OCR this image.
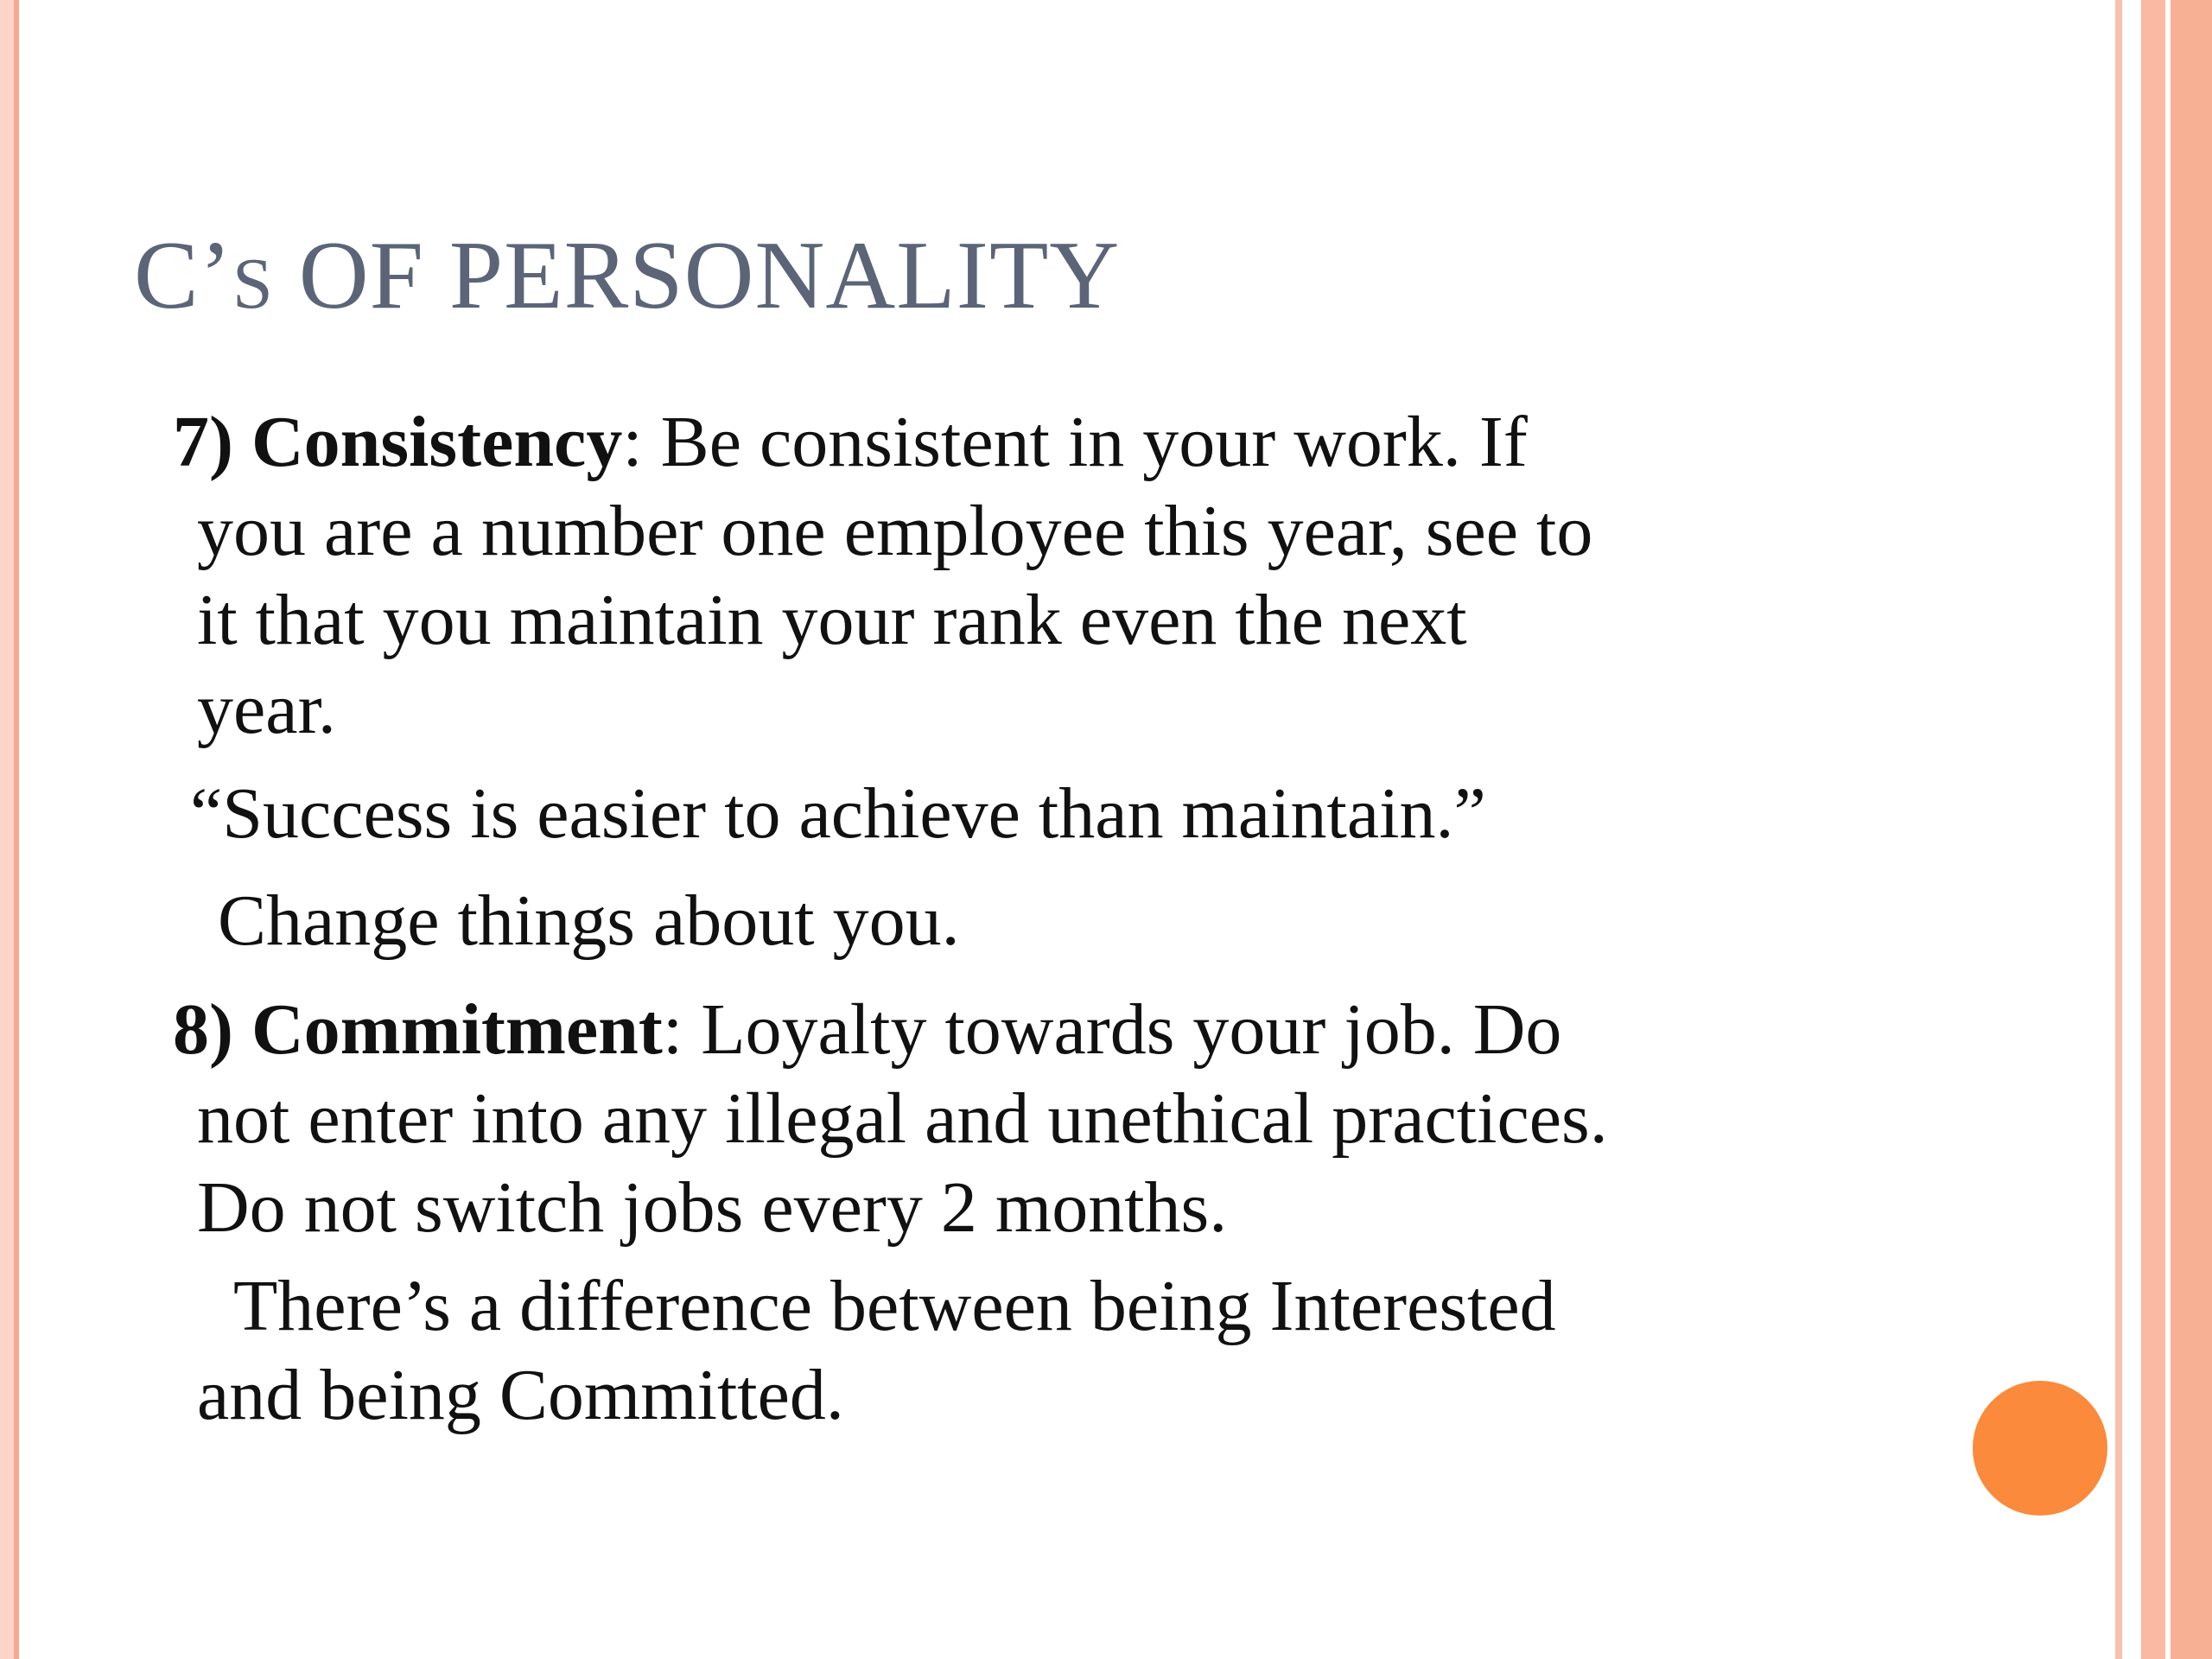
C’S OF PERSONALITY

7) Consistency: Be consistent in your work. If
you are a number one employee this year, see to
it that you maintain your rank even the next
year.

“Success is easier to achieve than maintain.”

Change things about you.

8) Commitment: Loyalty towards your job. Do
not enter into any illegal and unethical practices.
Do not switch jobs every 2 months.

There’s a difference between being Interested
and being Committed.
